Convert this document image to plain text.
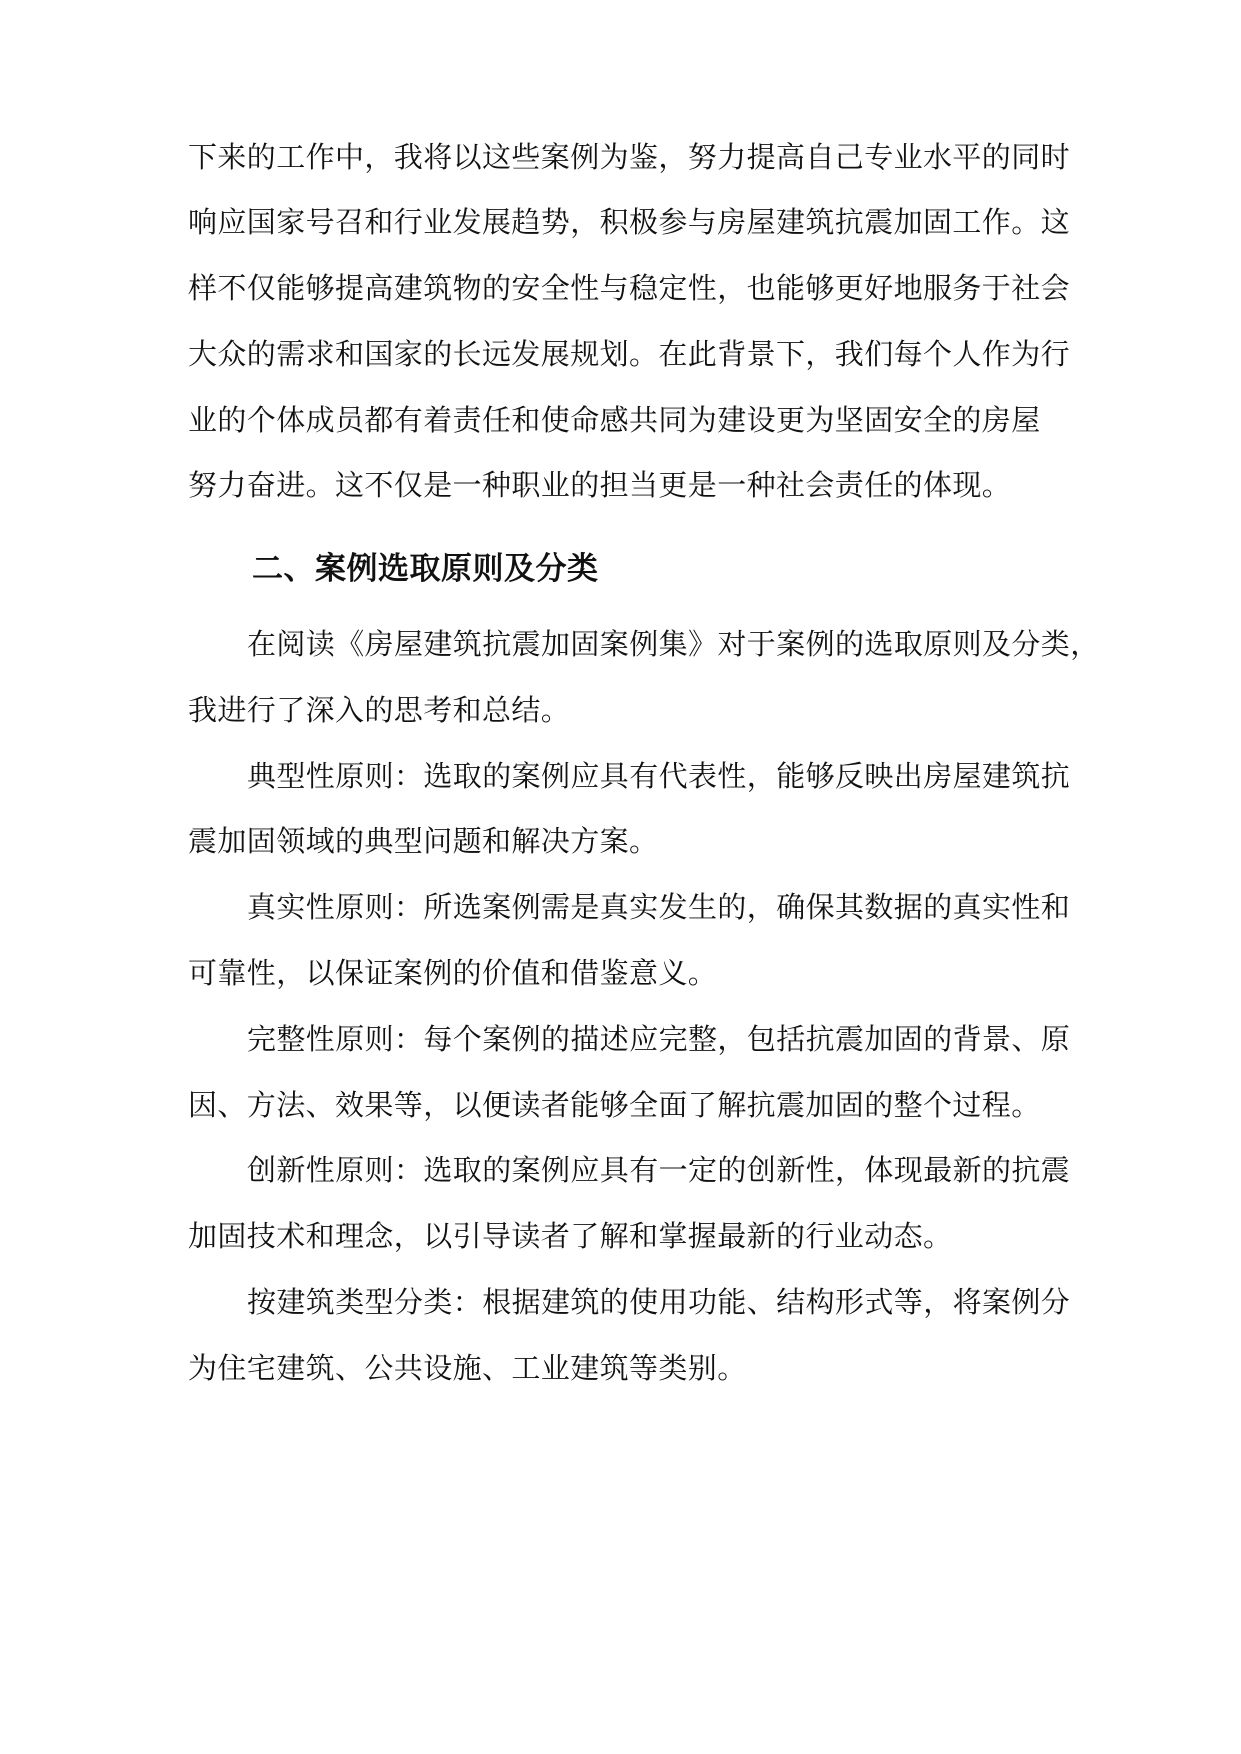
下来的工作中，我将以这些案例为鉴，努力提高自己专业水平的同时
响应国家号召和行业发展趋势，积极参与房屋建筑抗震加固工作。这
样不仅能够提高建筑物的安全性与稳定性，也能够更好地服务于社会
大众的需求和国家的长远发展规划。在此背景下，我们每个人作为行
业的个体成员都有着责任和使命感共同为建设更为坚固安全的房屋
努力奋进。这不仅是一种职业的担当更是一种社会责任的体现。
二、案例选取原则及分类
在阅读《房屋建筑抗震加固案例集》对于案例的选取原则及分类，
我进行了深入的思考和总结。
典型性原则：选取的案例应具有代表性，能够反映出房屋建筑抗
震加固领域的典型问题和解决方案。
真实性原则：所选案例需是真实发生的，确保其数据的真实性和
可靠性，以保证案例的价值和借鉴意义。
完整性原则：每个案例的描述应完整，包括抗震加固的背景、原
因、方法、效果等，以便读者能够全面了解抗震加固的整个过程。
创新性原则：选取的案例应具有一定的创新性，体现最新的抗震
加固技术和理念，以引导读者了解和掌握最新的行业动态。
按建筑类型分类：根据建筑的使用功能、结构形式等，将案例分
为住宅建筑、公共设施、工业建筑等类别。
